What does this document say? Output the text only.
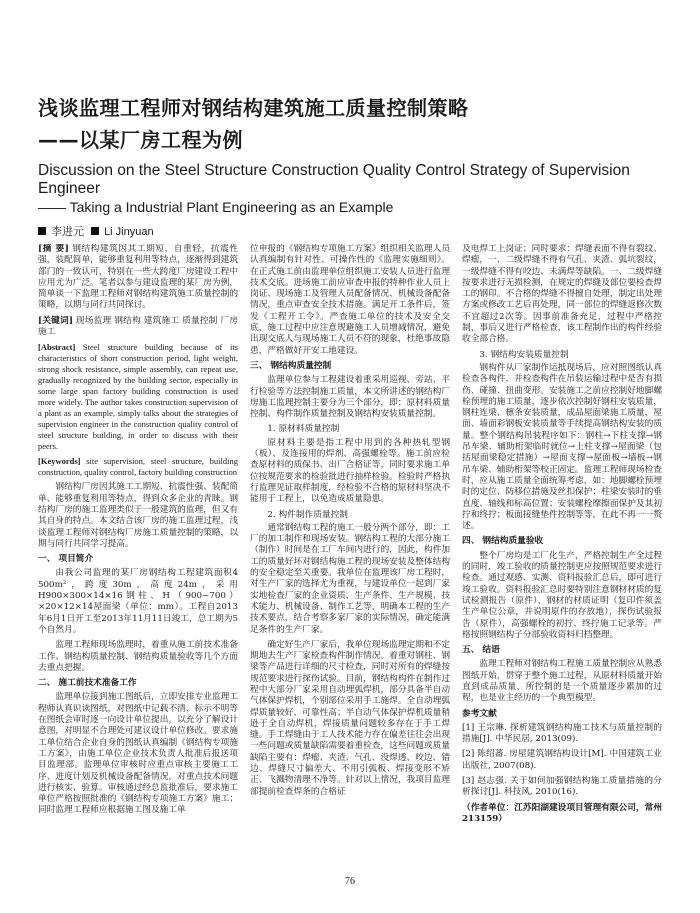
浅谈监理工程师对钢结构建筑施工质量控制策略
——以某厂房工程为例
Discussion on the Steel Structure Construction Quality Control Strategy of Supervision Engineer
—— Taking a Industrial Plant Engineering as an Example
李进元 Li Jinyuan

[摘 要] 钢结构建筑因其工期短，自重轻，抗震性强，装配简单，能够重复利用等特点，逐渐得到建筑部门的一致认可，特别在一些大跨度厂房建设工程中应用尤为广泛。笔者以参与建设监理的某厂房为例，简单谈一下监理工程师对钢结构建筑施工质量控制的策略，以期与同行共同探讨。

[关键词] 现场监理 钢结构 建筑施工 质量控制 厂房施工

[Abstract] Steel structure building because of its characteristics of short construction period, light weight, strong shock resistance, simple assembly, can repeat use, gradually recognized by the building sector, especially in some large span factory building construction is used more widely. The author takes construction supervision of a plant as an example, simply talks about the strategies of supervision engineer in the construction quality control of steel structure building, in order to discuss with their peers.

[Keywords] site supervision, steel structure, building construction, quality control, factory building construction

钢结构厂房因其施工工期短、抗震性强、装配简单、能够重复利用等特点，得到众多企业的青睐。钢结构厂房的施工监理类似于一般建筑的监理，但又有其自身的特点。本文结合该厂房的施工监理过程，浅谈监理工程师对钢结构厂房施工质量控制的策略，以期与同行共同学习提高。

一、 项目简介

由我公司监理的某厂房钢结构工程建筑面积4 500m²，跨度30m，高度24m，采用H900×300×14×16钢柱、H（900~700）×20×12×14屋面梁（单位：mm）。工程自2013年6月1日开工至2013年11月11日竣工，总工期为5个自然月。

监理工程师现场监理时，着重从施工前技术准备工作、钢结构质量控制、钢结构质量验收等几个方面去重点把握。

二、 施工前技术准备工作

监理单位接到施工图纸后，立即安排专业监理工程师认真识读图纸，对图纸中记载不清、标示不明等在图纸会审时逐一向设计单位提出，以充分了解设计意图，对明显不合理处可建议设计单位修改。要求施工单位结合企业自身的图纸认真编制《钢结构专项施工方案》，由施工单位企业技术负责人批准后报送项目监理部。监理单位审核时应重点审核主要施工工序、进度计划及机械设备配备情况，对重点技术问题进行核实、验算。审核通过经总监批准后，要求施工单位严格按照批准的《钢结构专项施工方案》施工；同时监理工程师应根据施工图及施工单

位申报的《钢结构专项施工方案》组织相关监理人员认真编制有针对性、可操作性的《监理实施细则》。在正式施工前由监理单位组织施工安装人员进行监理技术交底。进场施工前应审查申报的特种作业人员上岗证、现场施工及管理人员配备情况、机械设备配备情况，重点审查安全技术措施。满足开工条件后，签发《工程开工令》。严查施工单位的技术及安全交底，施工过程中应注意规避施工人员增减情况，避免出现交底人与现场施工人员不符的现象，杜绝事故隐患，严格做好开安工地建设。

三、 钢结构质量控制

监理单位参与工程建设着重采用巡视、旁站、平行检验等方法控制施工质量，本文所讲述的钢结构厂房施工监理控制主要分为三个部分，即：原材料质量控制、构件制作质量控制及钢结构安装质量控制。

1. 原材料质量控制

原材料主要是指工程中用到的各种热轧型钢（板）、及连接用的焊剂、高强螺栓等。施工前应检查原材料的质保书、出厂合格证等，同时要求施工单位按规范要求的检验批进行抽样检验。检验时严格执行监理见证取样制度，经检验不合格的原材料坚决不能用于工程上，以免造成质量隐患。

2. 构件制作质量控制

通常钢结构工程的施工一般分两个部分，即：工厂的加工制作和现场安装。钢结构工程的大部分施工（制作）时间是在工厂车间内进行的，因此，构件加工的质量好坏对钢结构施工程的现场安装及整体结构的安全稳定至关重要。我单位在监理该厂房工程时，对生产厂家的选择尤为重视，与建设单位一起到厂家实地检查厂家的企业资质、生产条件、生产规模、技术能力、机械设备、制作工艺等，明确本工程的生产技术要点，结合考察多家厂家的实际情况，确定能满足条件的生产厂家。

确定好生产厂家后，我单位现场监理定期和不定期地去生产厂家检查构件制作情况。着重对钢柱、钢梁等产品进行详细的尺寸检查，同时对所有的焊缝按规范要求进行探伤试验。目前，钢结构构件在制作过程中大部分厂家采用自动埋弧焊机，部分具备半自动气体保护焊机，个别部位采用手工施焊。全自动埋弧焊质量较好、可靠性高；半自动气体保护焊机质量稍逊于全自动焊机，焊接质量问题较多存在于手工焊缝。手工焊缝由于工人技术能力存在偏差往往会出现一些问题或质量缺陷需要着重检查，这些问题或质量缺陷主要有：焊瘤、夹渣、气孔、没焊透、咬边、错边、焊缝尺寸偏差大、不用引弧板、焊接变形不矫正、飞溅物清理不净等。针对以上情况，我项目监理部提前检查焊条的合格证

及电焊工上岗证；同时要求：焊缝表面不得有裂纹、焊瘤，一、二级焊缝不得有气孔、夹渣、弧坑裂纹，一级焊缝不得有咬边、未满焊等缺陷。一、二级焊缝按要求进行无损检测，在规定的焊缝及部位要检查焊工的钢印。不合格的焊缝不得擅自处理，制定出处理方案或修改工艺后再处理，同一部位的焊缝返修次数不宜超过2次等。因事前准备充足，过程中严格控制，事后又进行严格检查，该工程制作出的构件经验收全部合格。

3. 钢结构安装质量控制

钢构件从厂家制作运抵现场后，应对照图纸认真检查各构件，并检查构件在吊装运输过程中是否有损伤、碰撞、扭曲变形。安装施工之前应控制好地脚螺栓预埋的施工质量，逐步依次控制好钢柱安装质量，钢柱连梁、檩条安装质量，成品屋面梁施工质量，屋面、墙面彩钢板安装质量等手续提高钢结构安装的质量。整个钢结构吊装程序如下：钢柱→下柱支撑→钢吊车梁、辅助桁架临时就位→上柱支撑→屋面梁（包括屋面梁稳定措施）→屋面支撑→屋面板→墙板→钢吊车梁、辅助桁架等校正固定。监理工程师现场检查时，应从施工质量全面统筹考虑，如：地脚螺栓预埋时的定位、防移位措施及丝扣保护；柱梁安装时的垂直度、轴线和标高位置；安装螺栓摩擦面保护及其初拧和终拧；板面接缝垫件控制等等，在此不再一一赘述。

四、 钢结构质量验收

整个厂房均是工厂化生产，严格控制生产全过程的同时，竣工验收的质量控制更应按照规范要求进行检查。通过观感、实测、资料报验汇总后，即可进行竣工验收。资料报验汇总时要特别注意钢材材质的复试检测报告（原件），钢材的材质证明（复印件须盖生产单位公章，并说明原件的存放地），探伤试验报告（原件），高强螺栓的初拧、终拧施工记录等。严格按照钢结构子分部验收资料归档整理。

五、 结语

监理工程师对钢结构工程施工质量控制应从熟悉图纸开始，贯穿于整个施工过程，从原材料质量开始直到成品质量，所控制的是一个质量逐步累加的过程，也是业主经历的一个典型模型。

参考文献

[1] 王宗琳. 探析建筑钢结构施工技术与质量控制的措施[J]. 中华民居, 2013(09).

[2] 陈绍蕃. 房屋建筑钢结构设计[M]. 中国建筑工业出版社, 2007(08).

[3] 赵志强. 关于如何加强钢结构施工质量措施的分析探讨[J]. 科技风, 2010(16).

（作者单位：江苏阳湖建设项目管理有限公司，常州 213159）

76
